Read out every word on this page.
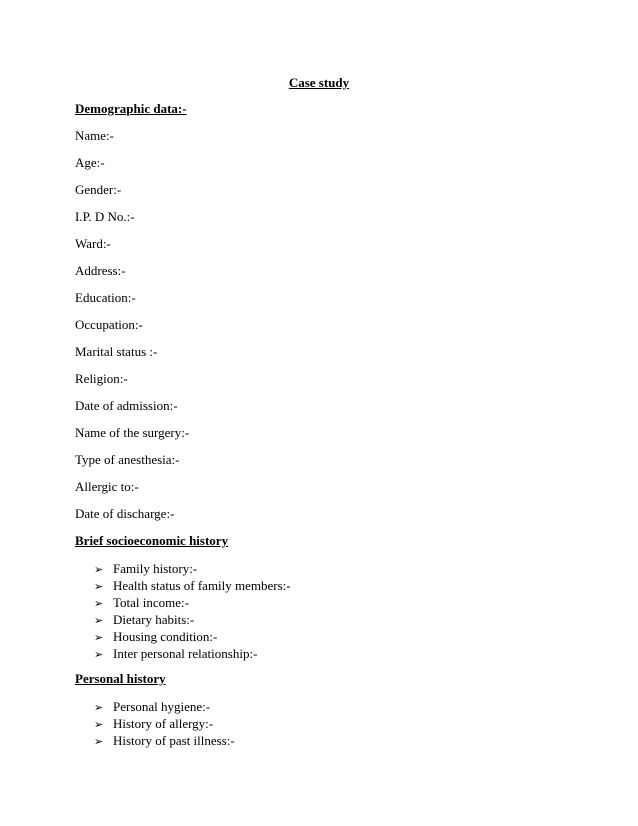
Case study
Demographic data:-
Name:-
Age:-
Gender:-
I.P. D No.:-
Ward:-
Address:-
Education:-
Occupation:-
Marital status :-
Religion:-
Date of admission:-
Name of the surgery:-
Type of anesthesia:-
Allergic to:-
Date of discharge:-
Brief socioeconomic history
➢ Family history:-
➢ Health status of family members:-
➢ Total income:-
➢ Dietary habits:-
➢ Housing condition:-
➢ Inter personal relationship:-
Personal history
➢ Personal hygiene:-
➢ History of allergy:-
➢ History of past illness:-
